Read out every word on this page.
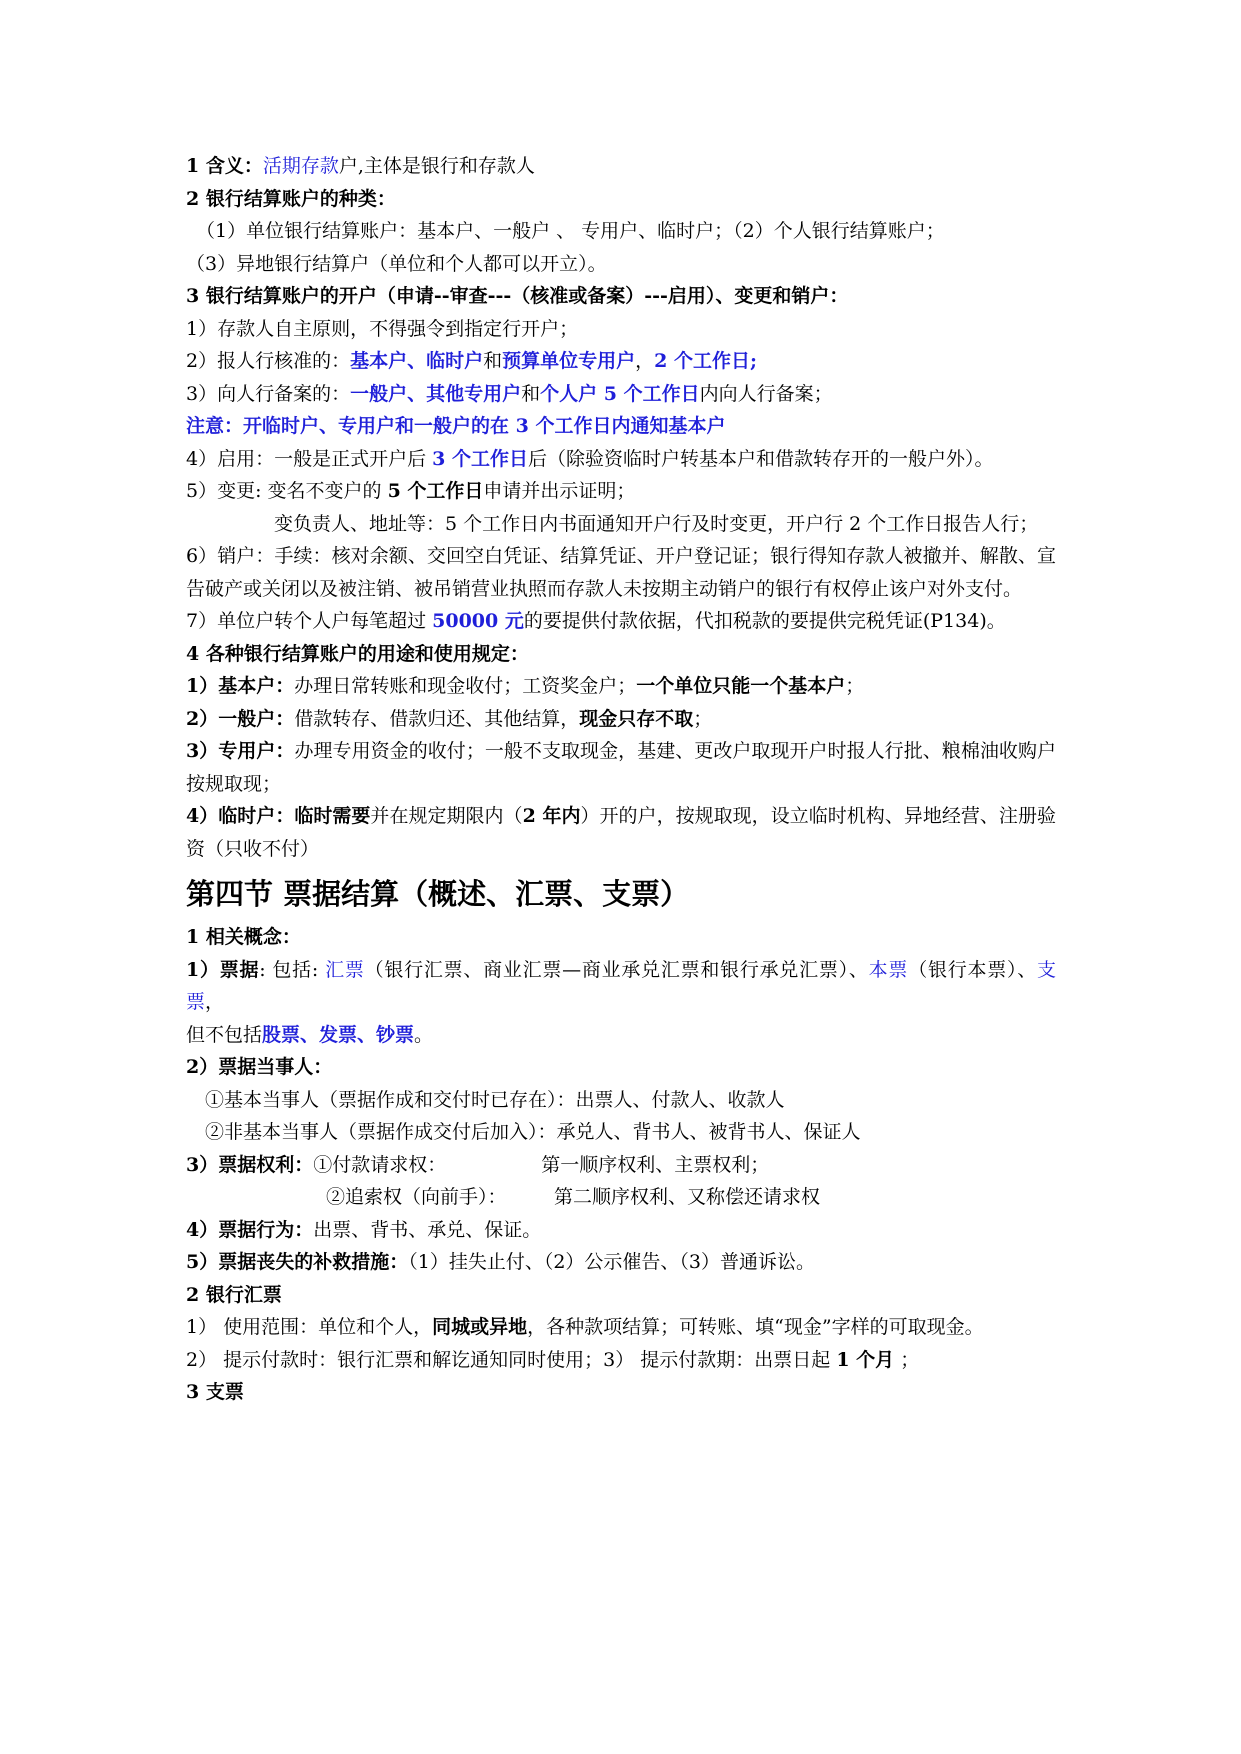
1 含义：活期存款户,主体是银行和存款人
2 银行结算账户的种类：
（1）单位银行结算账户：基本户、一般户 、 专用户、临时户；（2）个人银行结算账户；
（3）异地银行结算户（单位和个人都可以开立）。
3 银行结算账户的开户（申请--审查---（核准或备案）---启用）、变更和销户：
1）存款人自主原则，不得强令到指定行开户；
2）报人行核准的：基本户、临时户和预算单位专用户，2 个工作日;
3）向人行备案的：一般户、其他专用户和个人户 5 个工作日内向人行备案；
注意：开临时户、专用户和一般户的在 3 个工作日内通知基本户
4）启用：一般是正式开户后 3 个工作日后（除验资临时户转基本户和借款转存开的一般户外）。
5）变更: 变名不变户的 5 个工作日申请并出示证明；
变负责人、地址等：5 个工作日内书面通知开户行及时变更，开户行 2 个工作日报告人行；
6）销户：手续：核对余额、交回空白凭证、结算凭证、开户登记证；银行得知存款人被撤并、解散、宣告破产或关闭以及被注销、被吊销营业执照而存款人未按期主动销户的银行有权停止该户对外支付。
7）单位户转个人户每笔超过 50000 元的要提供付款依据，代扣税款的要提供完税凭证(P134)。
4 各种银行结算账户的用途和使用规定：
1）基本户：办理日常转账和现金收付；工资奖金户；一个单位只能一个基本户；
2）一般户：借款转存、借款归还、其他结算，现金只存不取；
3）专用户：办理专用资金的收付；一般不支取现金，基建、更改户取现开户时报人行批、粮棉油收购户按规取现；
4）临时户：临时需要并在规定期限内（2 年内）开的户，按规取现，设立临时机构、异地经营、注册验资（只收不付）
第四节 票据结算（概述、汇票、支票）
1 相关概念：
1）票据: 包括: 汇票（银行汇票、商业汇票—商业承兑汇票和银行承兑汇票）、本票（银行本票）、支票，
但不包括股票、发票、钞票。
2）票据当事人：
①基本当事人（票据作成和交付时已存在）：出票人、付款人、收款人
②非基本当事人（票据作成交付后加入）：承兑人、背书人、被背书人、保证人
3）票据权利：①付款请求权：	第一顺序权利、主票权利；
②追索权（向前手）： 第二顺序权利、又称偿还请求权
4）票据行为：出票、背书、承兑、保证。
5）票据丧失的补救措施：（1）挂失止付、（2）公示催告、（3）普通诉讼。
2 银行汇票
1） 使用范围：单位和个人，同城或异地，各种款项结算；可转账、填“现金”字样的可取现金。
2） 提示付款时：银行汇票和解讫通知同时使用；3） 提示付款期：出票日起 1 个月 ；
3 支票
